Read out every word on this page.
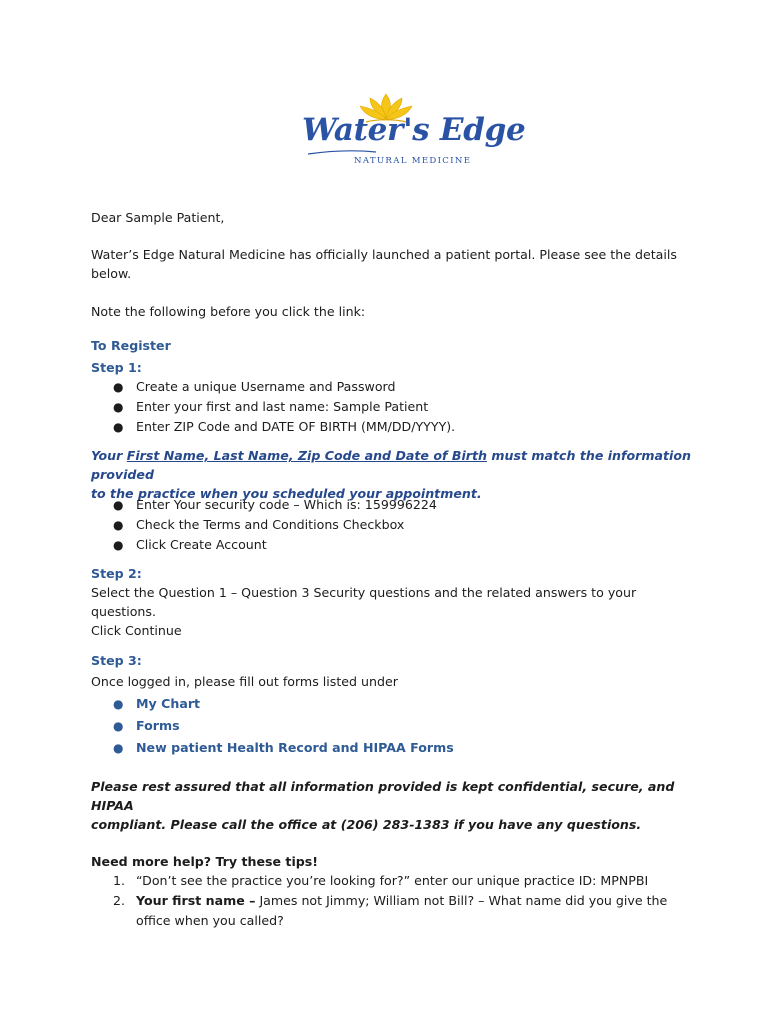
Water's Edge
NATURAL MEDICINE
Dear Sample Patient,
Water’s Edge Natural Medicine has officially launched a patient portal. Please see the details
below.
Note the following before you click the link:
To Register
Step 1:
● Create a unique Username and Password
● Enter your first and last name: Sample Patient
● Enter ZIP Code and DATE OF BIRTH (MM/DD/YYYY).
Your First Name, Last Name, Zip Code and Date of Birth must match the information provided
to the practice when you scheduled your appointment.
● Enter Your security code – Which is: 159996224
● Check the Terms and Conditions Checkbox
● Click Create Account
Step 2:
Select the Question 1 – Question 3 Security questions and the related answers to your
questions.
Click Continue
Step 3:
Once logged in, please fill out forms listed under
● My Chart
● Forms
● New patient Health Record and HIPAA Forms
Please rest assured that all information provided is kept confidential, secure, and HIPAA
compliant. Please call the office at (206) 283-1383 if you have any questions.
Need more help? Try these tips!
1. “Don’t see the practice you’re looking for?” enter our unique practice ID: MPNPBI
2. Your first name – James not Jimmy; William not Bill? – What name did you give the
office when you called?
